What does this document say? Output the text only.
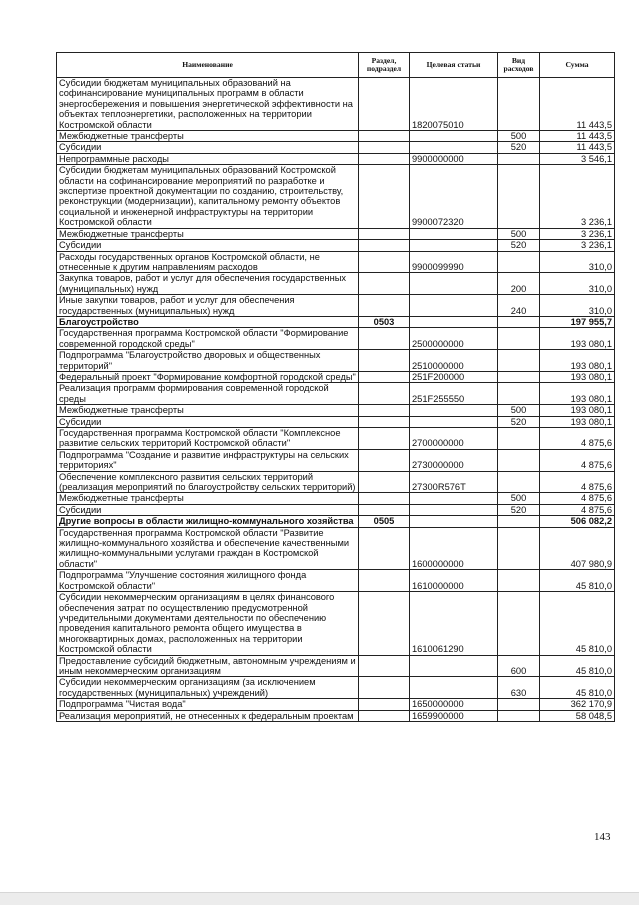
Наименование	Раздел, подраздел	Целевая статьи	Вид расходов	Сумма
Субсидии бюджетам муниципальных образований на софинансирование муниципальных программ в области энергосбережения и повышения энергетической эффективности на объектах теплоэнергетики, расположенных на территории Костромской области		1820075010		11 443,5
Межбюджетные трансферты			500	11 443,5
Субсидии			520	11 443,5
Непрограммные расходы		9900000000		3 546,1
Субсидии бюджетам муниципальных образований Костромской области на софинансирование мероприятий по разработке и экспертизе проектной документации по созданию, строительству, реконструкции (модернизации), капитальному ремонту объектов социальной и инженерной инфраструктуры на территории Костромской области		9900072320		3 236,1
Межбюджетные трансферты			500	3 236,1
Субсидии			520	3 236,1
Расходы государственных органов Костромской области, не отнесенные к другим направлениям расходов		9900099990		310,0
Закупка товаров, работ и услуг для обеспечения государственных (муниципальных) нужд			200	310,0
Иные закупки товаров, работ и услуг для обеспечения государственных (муниципальных) нужд			240	310,0
Благоустройство	0503			197 955,7
Государственная программа Костромской области "Формирование современной городской среды"		2500000000		193 080,1
Подпрограмма "Благоустройство дворовых и общественных территорий"		2510000000		193 080,1
Федеральный проект "Формирование комфортной городской среды"		251F200000		193 080,1
Реализация программ формирования современной городской среды		251F255550		193 080,1
Межбюджетные трансферты			500	193 080,1
Субсидии			520	193 080,1
Государственная программа Костромской области "Комплексное развитие сельских территорий Костромской области"		2700000000		4 875,6
Подпрограмма "Создание и развитие инфраструктуры на сельских территориях"		2730000000		4 875,6
Обеспечение комплексного развития сельских территорий (реализация мероприятий по благоустройству сельских территорий)		27300R576Т		4 875,6
Межбюджетные трансферты			500	4 875,6
Субсидии			520	4 875,6
Другие вопросы в области жилищно-коммунального хозяйства	0505			506 082,2
Государственная программа Костромской области "Развитие жилищно-коммунального хозяйства и обеспечение качественными жилищно-коммунальными услугами граждан в Костромской области"		1600000000		407 980,9
Подпрограмма "Улучшение состояния жилищного фонда Костромской области"		1610000000		45 810,0
Субсидии некоммерческим организациям в целях финансового обеспечения затрат по осуществлению предусмотренной учредительными документами деятельности по обеспечению проведения капитального ремонта общего имущества в многоквартирных домах, расположенных на территории Костромской области		1610061290		45 810,0
Предоставление субсидий бюджетным, автономным учреждениям и иным некоммерческим организациям			600	45 810,0
Субсидии некоммерческим организациям (за исключением государственных (муниципальных) учреждений)			630	45 810,0
Подпрограмма "Чистая вода"		1650000000		362 170,9
Реализация мероприятий, не отнесенных к федеральным проектам		1659900000		58 048,5
143
